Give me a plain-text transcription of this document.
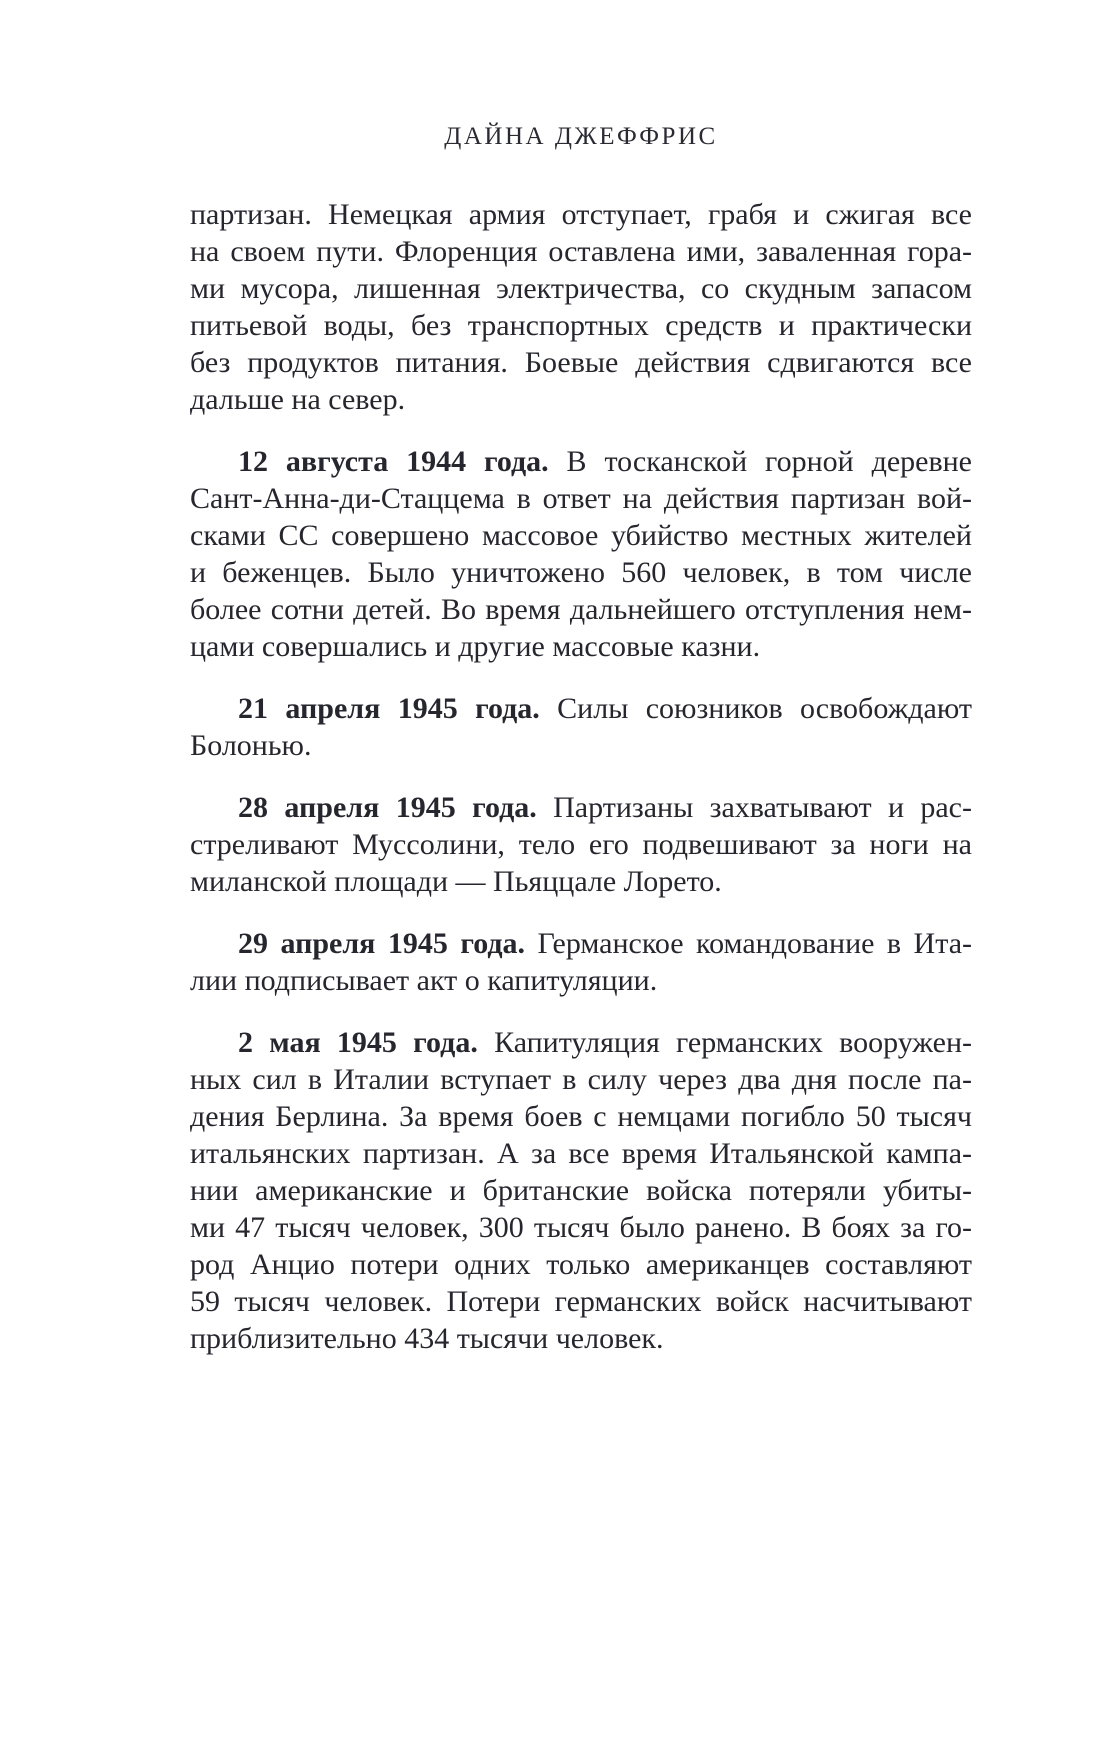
ДАЙНА ДЖЕФФРИС
партизан. Немецкая армия отступает, грабя и сжигая все
на своем пути. Флоренция оставлена ими, заваленная гора-
ми мусора, лишенная электричества, со скудным запасом
питьевой воды, без транспортных средств и практически
без продуктов питания. Боевые действия сдвигаются все
дальше на север.
12 августа 1944 года. В тосканской горной деревне
Сант-Анна-ди-Стаццема в ответ на действия партизан вой-
сками СС совершено массовое убийство местных жителей
и беженцев. Было уничтожено 560 человек, в том числе
более сотни детей. Во время дальнейшего отступления нем-
цами совершались и другие массовые казни.
21 апреля 1945 года. Силы союзников освобождают
Болонью.
28 апреля 1945 года. Партизаны захватывают и рас-
стреливают Муссолини, тело его подвешивают за ноги на
миланской площади — Пьяццале Лорето.
29 апреля 1945 года. Германское командование в Ита-
лии подписывает акт о капитуляции.
2 мая 1945 года. Капитуляция германских вооружен-
ных сил в Италии вступает в силу через два дня после па-
дения Берлина. За время боев с немцами погибло 50 тысяч
итальянских партизан. А за все время Итальянской кампа-
нии американские и британские войска потеряли убиты-
ми 47 тысяч человек, 300 тысяч было ранено. В боях за го-
род Анцио потери одних только американцев составляют
59 тысяч человек. Потери германских войск насчитывают
приблизительно 434 тысячи человек.
